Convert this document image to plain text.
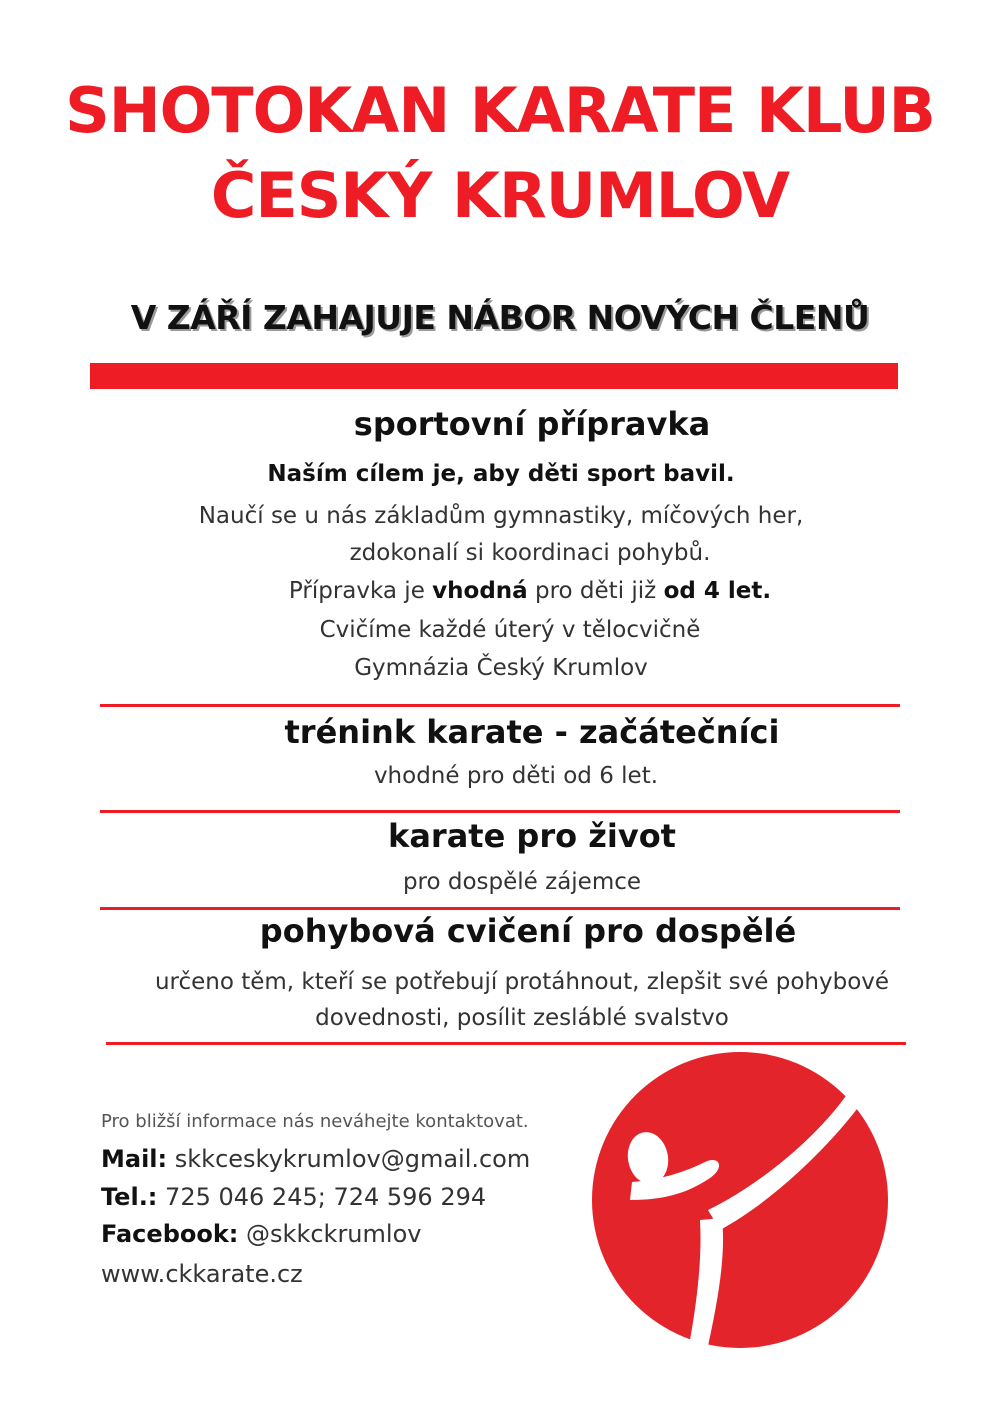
SHOTOKAN KARATE KLUB
ČESKÝ KRUMLOV
V ZÁŘÍ ZAHAJUJE NÁBOR NOVÝCH ČLENŮ
sportovní přípravka
Naším cílem je, aby děti sport bavil.
Naučí se u nás základům gymnastiky, míčových her,
zdokonalí si koordinaci pohybů.
Přípravka je vhodná pro děti již od 4 let.
Cvičíme každé úterý v tělocvičně
Gymnázia Český Krumlov
trénink karate - začátečníci
vhodné pro děti od 6 let.
karate pro život
pro dospělé zájemce
pohybová cvičení pro dospělé
určeno těm, kteří se potřebují protáhnout, zlepšit své pohybové
dovednosti, posílit zesláblé svalstvo
Pro bližší informace nás neváhejte kontaktovat.
Mail: skkceskykrumlov@gmail.com
Tel.: 725 046 245; 724 596 294
Facebook: @skkckrumlov
www.ckkarate.cz
